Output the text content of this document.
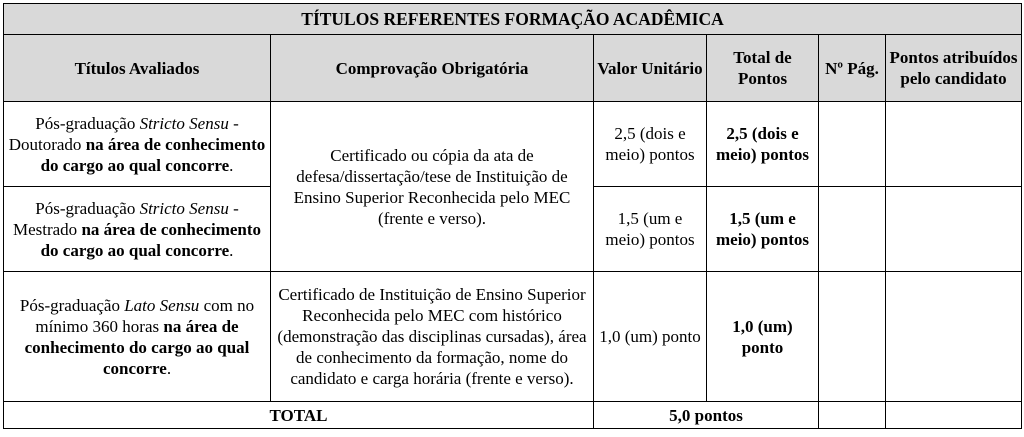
TÍTULOS REFERENTES FORMAÇÃO ACADÊMICA					
Títulos Avaliados	Comprovação Obrigatória	Valor Unitário	Total de Pontos	Nº Pág.	Pontos atribuídos pelo candidato
Pós-graduação Stricto Sensu - Doutorado na área de conhecimento do cargo ao qual concorre.	Certificado ou cópia da ata de defesa/dissertação/tese de Instituição de Ensino Superior Reconhecida pelo MEC (frente e verso).	2,5 (dois e meio) pontos	2,5 (dois e meio) pontos		
Pós-graduação Stricto Sensu - Mestrado na área de conhecimento do cargo ao qual concorre.		1,5 (um e meio) pontos	1,5 (um e meio) pontos		
Pós-graduação Lato Sensu com no mínimo 360 horas na área de conhecimento do cargo ao qual concorre.	Certificado de Instituição de Ensino Superior Reconhecida pelo MEC com histórico (demonstração das disciplinas cursadas), área de conhecimento da formação, nome do candidato e carga horária (frente e verso).	1,0 (um) ponto	1,0 (um) ponto		
TOTAL		5,0 pontos			
